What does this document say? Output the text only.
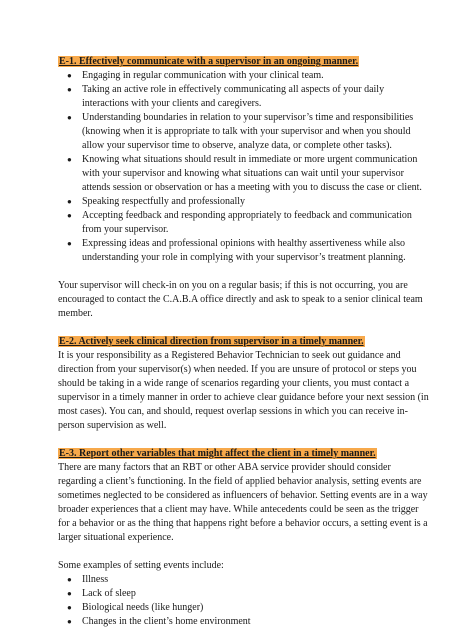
E-1. Effectively communicate with a supervisor in an ongoing manner.

● Engaging in regular communication with your clinical team.
● Taking an active role in effectively communicating all aspects of your daily interactions with your clients and caregivers.
● Understanding boundaries in relation to your supervisor’s time and responsibilities (knowing when it is appropriate to talk with your supervisor and when you should allow your supervisor time to observe, analyze data, or complete other tasks).
● Knowing what situations should result in immediate or more urgent communication with your supervisor and knowing what situations can wait until your supervisor attends session or observation or has a meeting with you to discuss the case or client.
● Speaking respectfully and professionally
● Accepting feedback and responding appropriately to feedback and communication from your supervisor.
● Expressing ideas and professional opinions with healthy assertiveness while also understanding your role in complying with your supervisor’s treatment planning.

Your supervisor will check-in on you on a regular basis; if this is not occurring, you are encouraged to contact the C.A.B.A office directly and ask to speak to a senior clinical team member.

E-2. Actively seek clinical direction from supervisor in a timely manner.

It is your responsibility as a Registered Behavior Technician to seek out guidance and direction from your supervisor(s) when needed. If you are unsure of protocol or steps you should be taking in a wide range of scenarios regarding your clients, you must contact a supervisor in a timely manner in order to achieve clear guidance before your next session (in most cases). You can, and should, request overlap sessions in which you can receive in-person supervision as well.

E-3. Report other variables that might affect the client in a timely manner.

There are many factors that an RBT or other ABA service provider should consider regarding a client’s functioning. In the field of applied behavior analysis, setting events are sometimes neglected to be considered as influencers of behavior. Setting events are in a way broader experiences that a client may have. While antecedents could be seen as the trigger for a behavior or as the thing that happens right before a behavior occurs, a setting event is a larger situational experience.

Some examples of setting events include:

● Illness
● Lack of sleep
● Biological needs (like hunger)
● Changes in the client’s home environment
